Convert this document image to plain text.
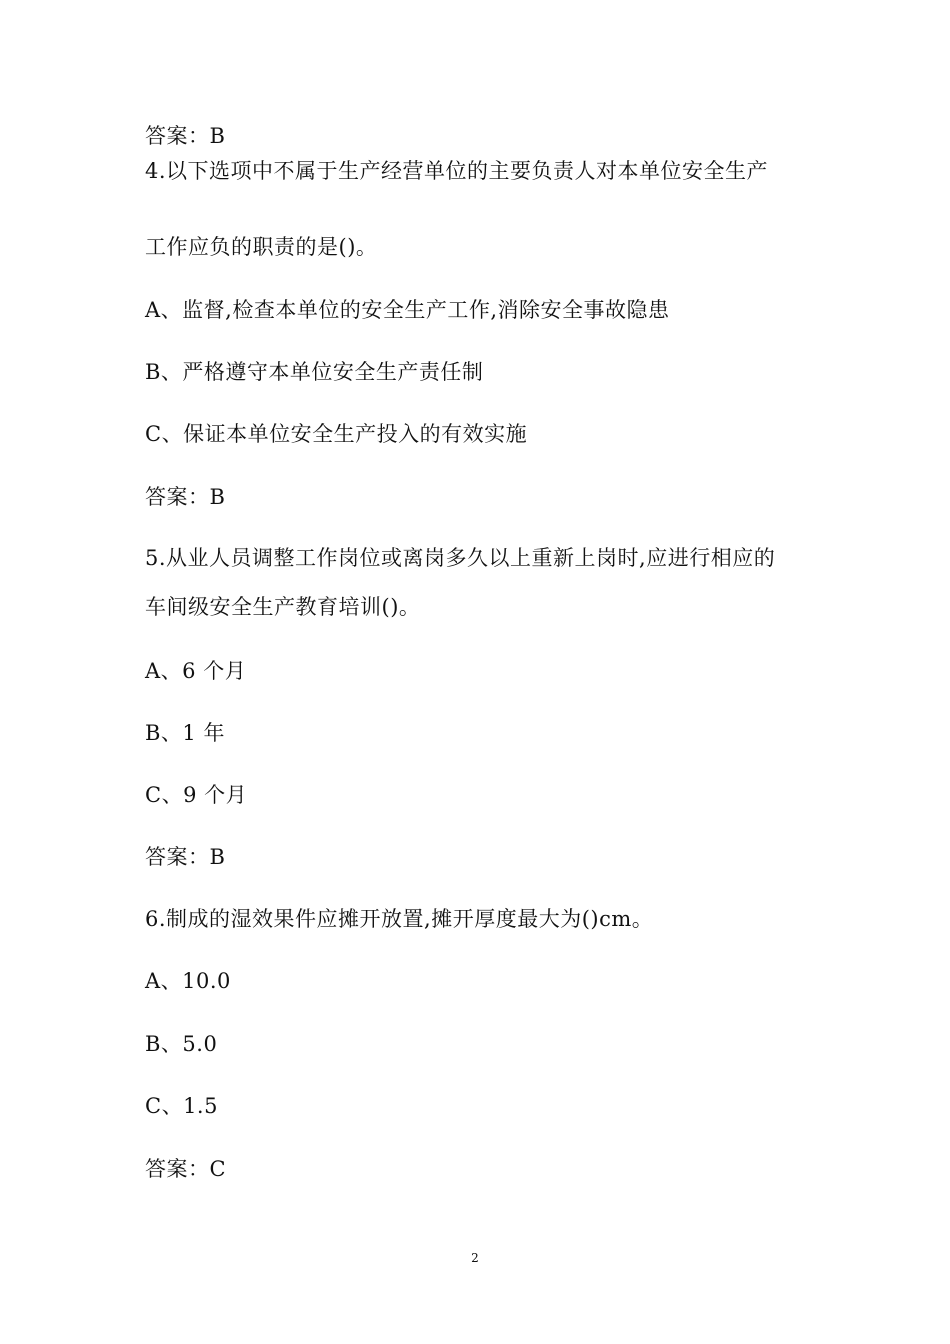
答案：B
4.以下选项中不属于生产经营单位的主要负责人对本单位安全生产
工作应负的职责的是()。
A、监督,检查本单位的安全生产工作,消除安全事故隐患
B、严格遵守本单位安全生产责任制
C、保证本单位安全生产投入的有效实施
答案：B
5.从业人员调整工作岗位或离岗多久以上重新上岗时,应进行相应的
车间级安全生产教育培训()。
A、6 个月
B、1 年
C、9 个月
答案：B
6.制成的湿效果件应摊开放置,摊开厚度最大为()cm。
A、10.0
B、5.0
C、1.5
答案：C
2
